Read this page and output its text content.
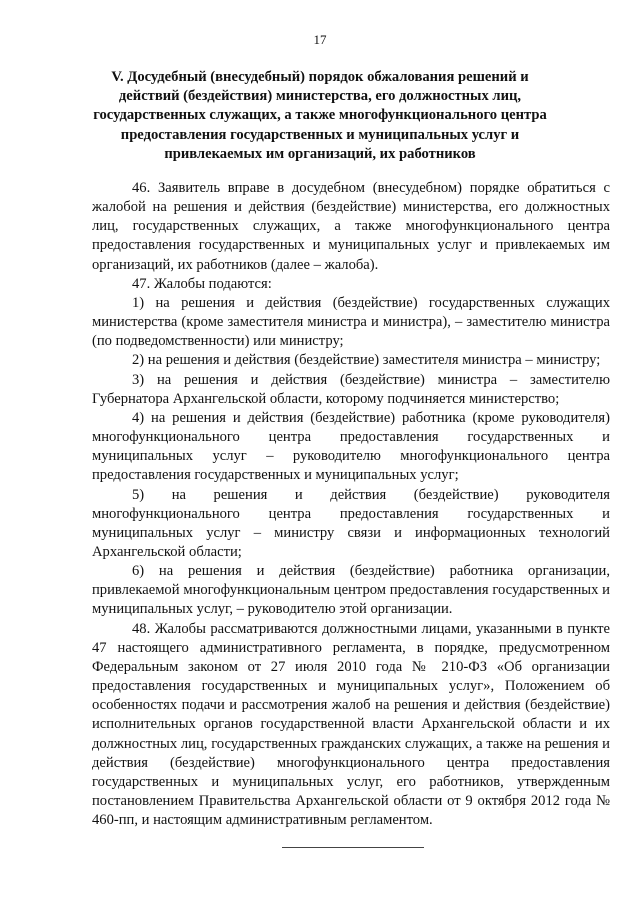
17
V. Досудебный (внесудебный) порядок обжалования решений и действий (бездействия) министерства, его должностных лиц, государственных служащих, а также многофункционального центра предоставления государственных и муниципальных услуг и привлекаемых им организаций, их работников

46. Заявитель вправе в досудебном (внесудебном) порядке обратиться с жалобой на решения и действия (бездействие) министерства, его должностных лиц, государственных служащих, а также многофункционального центра предоставления государственных и муниципальных услуг и привлекаемых им организаций, их работников (далее – жалоба).

47. Жалобы подаются:

1) на решения и действия (бездействие) государственных служащих министерства (кроме заместителя министра и министра), – заместителю министра (по подведомственности) или министру;

2) на решения и действия (бездействие) заместителя министра – министру;

3) на решения и действия (бездействие) министра – заместителю Губернатора Архангельской области, которому подчиняется министерство;

4) на решения и действия (бездействие) работника (кроме руководителя) многофункционального центра предоставления государственных и муниципальных услуг – руководителю многофункционального центра предоставления государственных и муниципальных услуг;

5) на решения и действия (бездействие) руководителя многофункционального центра предоставления государственных и муниципальных услуг – министру связи и информационных технологий Архангельской области;

6) на решения и действия (бездействие) работника организации, привлекаемой многофункциональным центром предоставления государственных и муниципальных услуг, – руководителю этой организации.

48. Жалобы рассматриваются должностными лицами, указанными в пункте 47 настоящего административного регламента, в порядке, предусмотренном Федеральным законом от 27 июля 2010 года № 210-ФЗ «Об организации предоставления государственных и муниципальных услуг», Положением об особенностях подачи и рассмотрения жалоб на решения и действия (бездействие) исполнительных органов государственной власти Архангельской области и их должностных лиц, государственных гражданских служащих, а также на решения и действия (бездействие) многофункционального центра предоставления государственных и муниципальных услуг, его работников, утвержденным постановлением Правительства Архангельской области от 9 октября 2012 года № 460-пп, и настоящим административным регламентом.
